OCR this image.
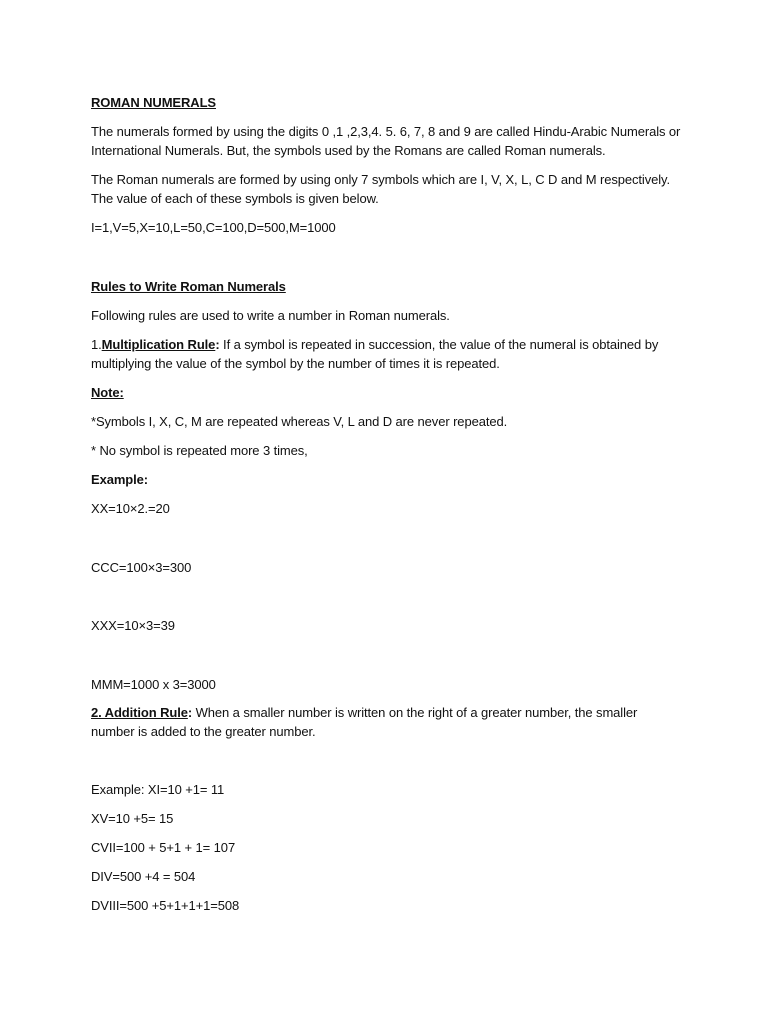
ROMAN NUMERALS

The numerals formed by using the digits 0 ,1 ,2,3,4. 5. 6, 7, 8 and 9 are called Hindu-Arabic Numerals or

International Numerals. But, the symbols used by the Romans are called Roman numerals.

The Roman numerals are formed by using only 7 symbols which are I, V, X, L, C D and M respectively.

The value of each of these symbols is given below.

I=1,V=5,X=10,L=50,C=100,D=500,M=1000

Rules to Write Roman Numerals

Following rules are used to write a number in Roman numerals.

1.Multiplication Rule: If a symbol is repeated in succession, the value of the numeral is obtained by

multiplying the value of the symbol by the number of times it is repeated.

Note:

*Symbols I, X, C, M are repeated whereas V, L and D are never repeated.

* No symbol is repeated more 3 times,

Example:

XX=10×2.=20

CCC=100×3=300

XXX=10×3=39

MMM=1000 x 3=3000

2. Addition Rule: When a smaller number is written on the right of a greater number, the smaller

number is added to the greater number.

Example: XI=10 +1= 11

XV=10 +5= 15

CVII=100 + 5+1 + 1= 107

DIV=500 +4 = 504

DVIII=500 +5+1+1+1=508
